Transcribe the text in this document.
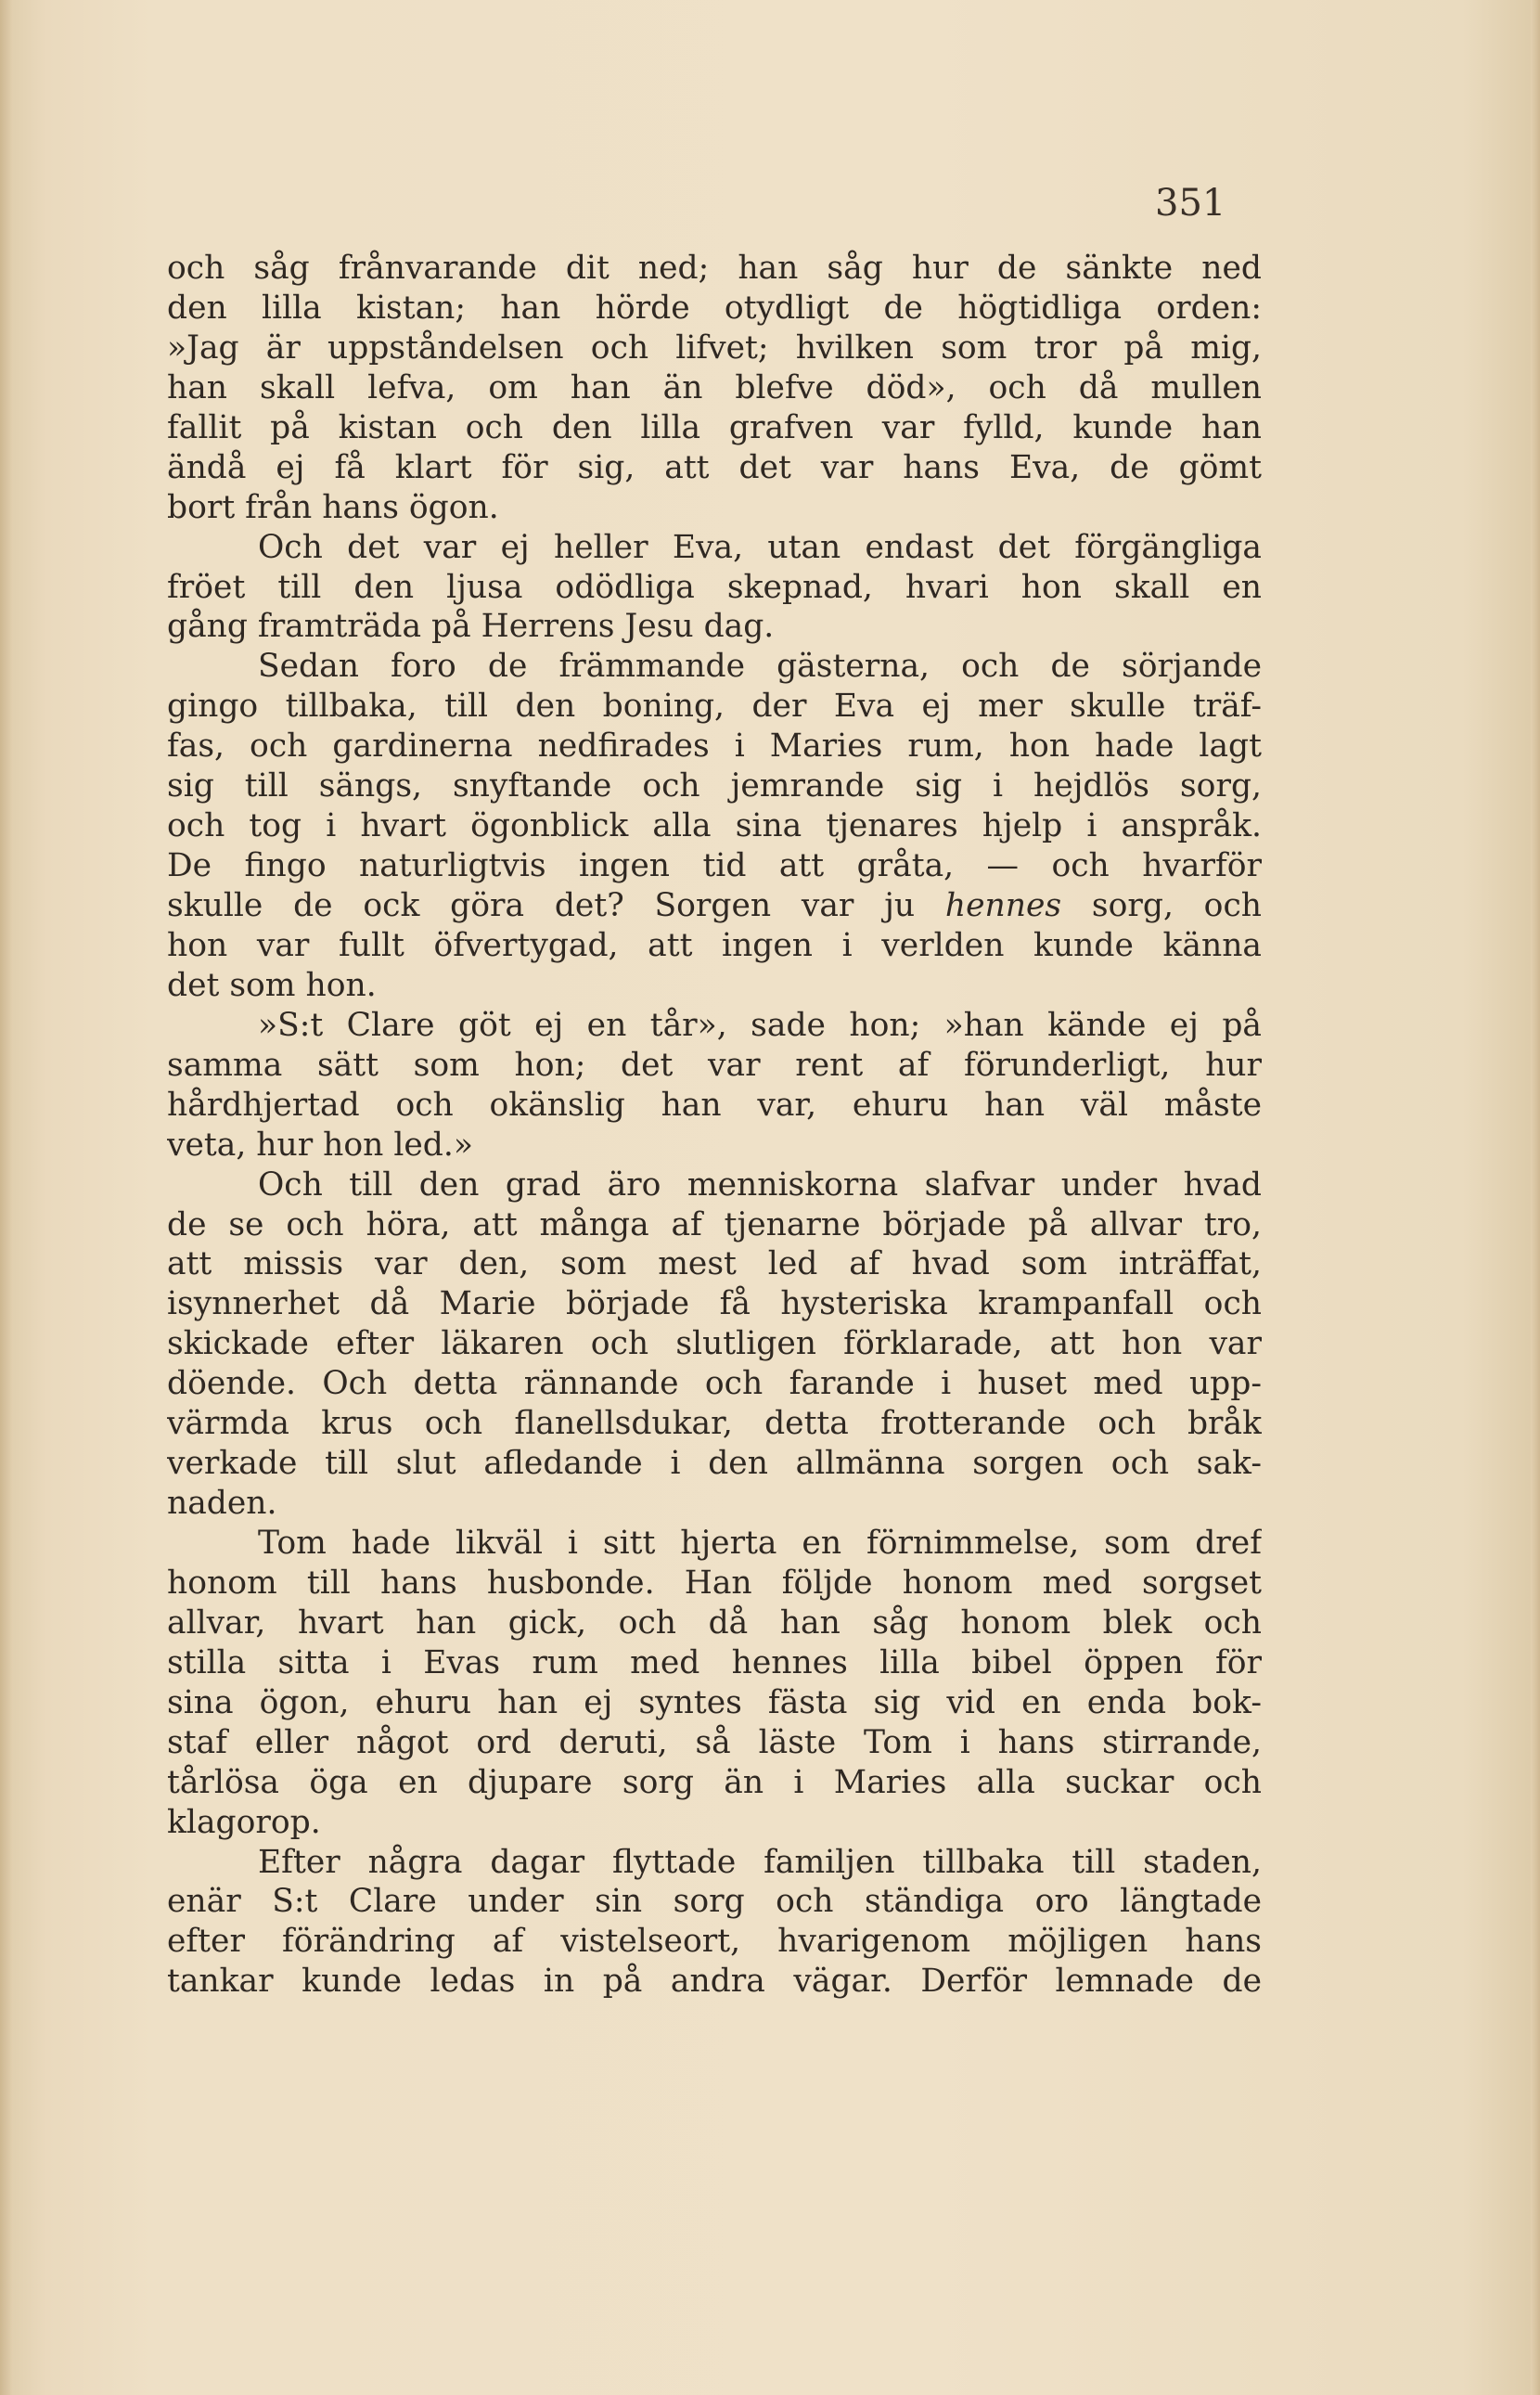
351
och såg frånvarande dit ned; han såg hur de sänkte ned
den lilla kistan; han hörde otydligt de högtidliga orden:
»Jag är uppståndelsen och lifvet; hvilken som tror på mig,
han skall lefva, om han än blefve död», och då mullen
fallit på kistan och den lilla grafven var fylld, kunde han
ändå ej få klart för sig, att det var hans Eva, de gömt
bort från hans ögon.
Och det var ej heller Eva, utan endast det förgängliga
fröet till den ljusa odödliga skepnad, hvari hon skall en
gång framträda på Herrens Jesu dag.
Sedan foro de främmande gästerna, och de sörjande
gingo tillbaka, till den boning, der Eva ej mer skulle träf-
fas, och gardinerna nedfirades i Maries rum, hon hade lagt
sig till sängs, snyftande och jemrande sig i hejdlös sorg,
och tog i hvart ögonblick alla sina tjenares hjelp i anspråk.
De fingo naturligtvis ingen tid att gråta, — och hvarför
skulle de ock göra det? Sorgen var ju hennes sorg, och
hon var fullt öfvertygad, att ingen i verlden kunde känna
det som hon.
»S:t Clare göt ej en tår», sade hon; »han kände ej på
samma sätt som hon; det var rent af förunderligt, hur
hårdhjertad och okänslig han var, ehuru han väl måste
veta, hur hon led.»
Och till den grad äro menniskorna slafvar under hvad
de se och höra, att många af tjenarne började på allvar tro,
att missis var den, som mest led af hvad som inträffat,
isynnerhet då Marie började få hysteriska krampanfall och
skickade efter läkaren och slutligen förklarade, att hon var
döende. Och detta rännande och farande i huset med upp-
värmda krus och flanellsdukar, detta frotterande och bråk
verkade till slut afledande i den allmänna sorgen och sak-
naden.
Tom hade likväl i sitt hjerta en förnimmelse, som dref
honom till hans husbonde. Han följde honom med sorgset
allvar, hvart han gick, och då han såg honom blek och
stilla sitta i Evas rum med hennes lilla bibel öppen för
sina ögon, ehuru han ej syntes fästa sig vid en enda bok-
staf eller något ord deruti, så läste Tom i hans stirrande,
tårlösa öga en djupare sorg än i Maries alla suckar och
klagorop.
Efter några dagar flyttade familjen tillbaka till staden,
enär S:t Clare under sin sorg och ständiga oro längtade
efter förändring af vistelseort, hvarigenom möjligen hans
tankar kunde ledas in på andra vägar. Derför lemnade de
